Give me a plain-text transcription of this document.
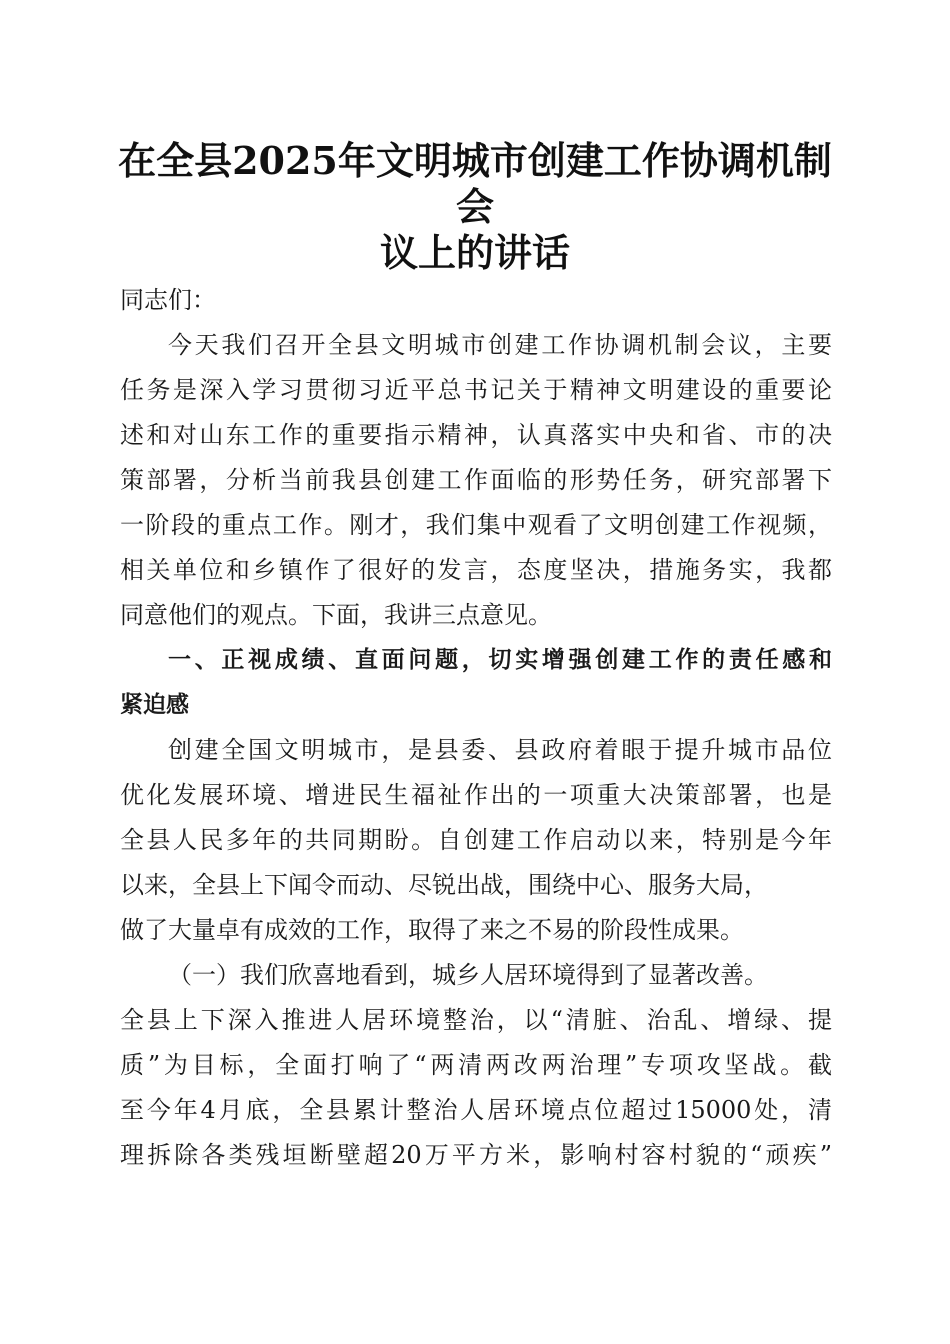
在全县2025年文明城市创建工作协调机制会
议上的讲话
同志们：
今天我们召开全县文明城市创建工作协调机制会议，主要
任务是深入学习贯彻习近平总书记关于精神文明建设的重要论
述和对山东工作的重要指示精神，认真落实中央和省、市的决
策部署，分析当前我县创建工作面临的形势任务，研究部署下
一阶段的重点工作。刚才，我们集中观看了文明创建工作视频，
相关单位和乡镇作了很好的发言，态度坚决，措施务实，我都
同意他们的观点。下面，我讲三点意见。
一、正视成绩、直面问题，切实增强创建工作的责任感和
紧迫感
创建全国文明城市，是县委、县政府着眼于提升城市品位
优化发展环境、增进民生福祉作出的一项重大决策部署，也是
全县人民多年的共同期盼。自创建工作启动以来，特别是今年
以来，全县上下闻令而动、尽锐出战，围绕中心、服务大局，
做了大量卓有成效的工作，取得了来之不易的阶段性成果。
（一）我们欣喜地看到，城乡人居环境得到了显著改善。
全县上下深入推进人居环境整治，以“清脏、治乱、增绿、提
质”为目标，全面打响了“两清两改两治理”专项攻坚战。截
至今年4月底，全县累计整治人居环境点位超过15000处，清
理拆除各类残垣断壁超20万平方米，影响村容村貌的“顽疾”
